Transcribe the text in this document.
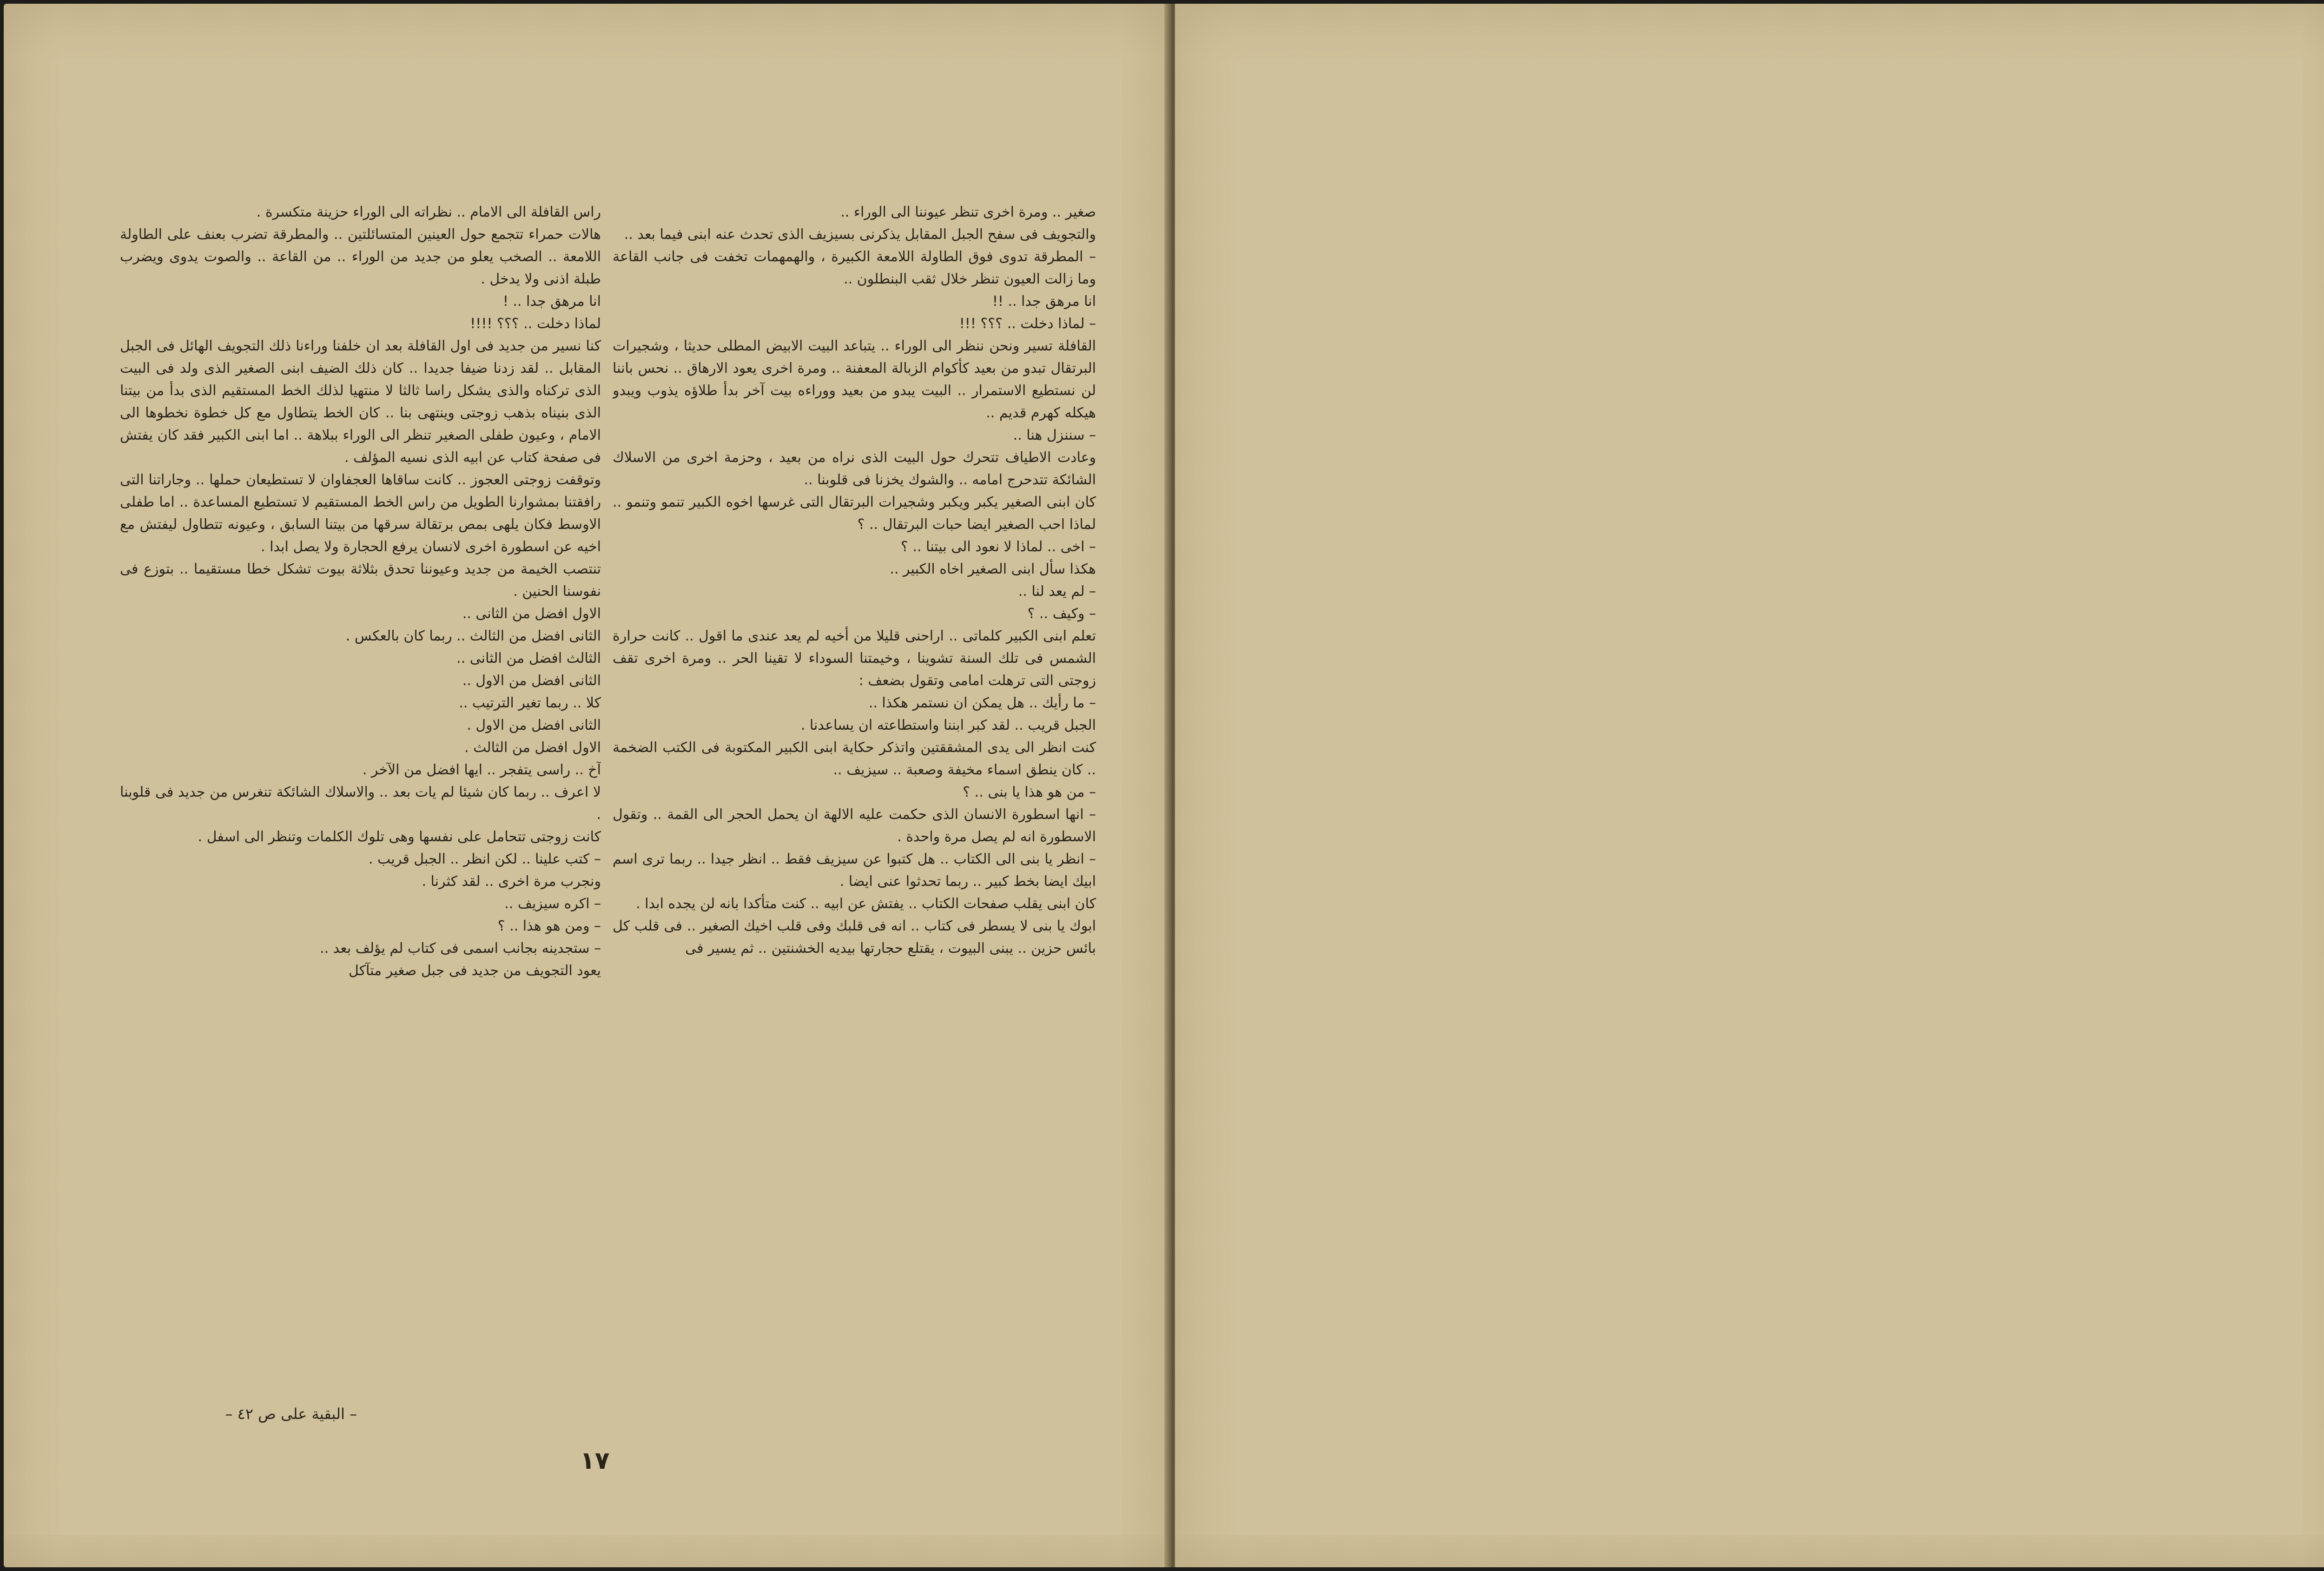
صغير .. ومرة اخرى تنظر عيوننا الى الوراء ..
والتجويف فى سفح الجبل المقابل يذكرنى بسيزيف الذى تحدث عنه ابنى فيما بعد ..
– المطرقة تدوى فوق الطاولة اللامعة الكبيرة ، والهمهمات تخفت فى جانب القاعة وما زالت العيون تنظر خلال ثقب البنطلون ..
انا مرهق جدا .. !!
– لماذا دخلت .. ؟؟؟ !!!
القافلة تسير ونحن ننظر الى الوراء .. يتباعد البيت الابيض المطلى حديثا ، وشجيرات البرتقال تبدو من بعيد كأكوام الزبالة المعفنة .. ومرة اخرى يعود الارهاق .. نحس باننا لن نستطيع الاستمرار .. البيت يبدو من بعيد ووراءه بيت آخر بدأ طلاؤه يذوب ويبدو هيكله كهرم قديم ..
– سننزل هنا ..
وعادت الاطياف تتحرك حول البيت الذى نراه من بعيد ، وحزمة اخرى من الاسلاك الشائكة تتدحرج امامه .. والشوك يخزنا فى قلوبنا ..
كان ابنى الصغير يكبر ويكبر وشجيرات البرتقال التى غرسها اخوه الكبير تنمو وتنمو .. لماذا احب الصغير ايضا حبات البرتقال .. ؟
– اخى .. لماذا لا نعود الى بيتنا .. ؟
هكذا سأل ابنى الصغير اخاه الكبير ..
– لم يعد لنا ..
– وكيف .. ؟
تعلم ابنى الكبير كلماتى .. اراحنى قليلا من أخيه لم يعد عندى ما اقول .. كانت حرارة الشمس فى تلك السنة تشوينا ، وخيمتنا السوداء لا تقينا الحر .. ومرة اخرى تقف زوجتى التى ترهلت امامى وتقول بضعف :
– ما رأيك .. هل يمكن ان نستمر هكذا ..
الجبل قريب .. لقد كبر ابننا واستطاعته ان يساعدنا .
كنت انظر الى يدى المشققتين واتذكر حكاية ابنى الكبير المكتوبة فى الكتب الضخمة .. كان ينطق اسماء مخيفة وصعبة .. سيزيف ..
– من هو هذا يا بنى .. ؟
– انها اسطورة الانسان الذى حكمت عليه الالهة ان يحمل الحجر الى القمة .. وتقول الاسطورة انه لم يصل مرة واحدة .
– انظر يا بنى الى الكتاب .. هل كتبوا عن سيزيف فقط .. انظر جيدا .. ربما ترى اسم ابيك ايضا بخط كبير .. ربما تحدثوا عنى ايضا .
كان ابنى يقلب صفحات الكتاب .. يفتش عن ابيه .. كنت متأكدا بانه لن يجده ابدا .
ابوك يا بنى لا يسطر فى كتاب .. انه فى قلبك وفى قلب اخيك الصغير .. فى قلب كل بائس حزين .. يبنى البيوت ، يقتلع حجارتها بيديه الخشنتين .. ثم يسير فى

راس القافلة الى الامام .. نظراته الى الوراء حزينة متكسرة .
هالات حمراء تتجمع حول العينين المتسائلتين .. والمطرقة تضرب بعنف على الطاولة اللامعة .. الصخب يعلو من جديد من الوراء .. من القاعة .. والصوت يدوى ويضرب طبلة اذنى ولا يدخل .
انا مرهق جدا .. !
لماذا دخلت .. ؟؟؟ !!!!
كنا نسير من جديد فى اول القافلة بعد ان خلفنا وراءنا ذلك التجويف الهائل فى الجبل المقابل .. لقد زدنا ضيفا جديدا .. كان ذلك الضيف ابنى الصغير الذى ولد فى البيت الذى تركناه والذى يشكل راسا ثالثا لا منتهيا لذلك الخط المستقيم الذى بدأ من بيتنا الذى بنيناه بذهب زوجتى وينتهى بنا .. كان الخط يتطاول مع كل خطوة نخطوها الى الامام ، وعيون طفلى الصغير تنظر الى الوراء ببلاهة .. اما ابنى الكبير فقد كان يفتش فى صفحة كتاب عن ابيه الذى نسيه المؤلف .
وتوقفت زوجتى العجوز .. كانت ساقاها العجفاوان لا تستطيعان حملها .. وجاراتنا التى رافقتنا بمشوارنا الطويل من راس الخط المستقيم لا تستطيع المساعدة .. اما طفلى الاوسط فكان يلهى بمص برتقالة سرقها من بيتنا السابق ، وعيونه تتطاول ليفتش مع اخيه عن اسطورة اخرى لانسان يرفع الحجارة ولا يصل ابدا .
تنتصب الخيمة من جديد وعيوننا تحدق بثلاثة بيوت تشكل خطا مستقيما .. بتوزع فى نفوسنا الحنين .
الاول افضل من الثانى ..
الثانى افضل من الثالث .. ربما كان بالعكس .
الثالث افضل من الثانى ..
الثانى افضل من الاول ..
كلا .. ربما تغير الترتيب ..
الثانى افضل من الاول .
الاول افضل من الثالث .
آخ .. راسى يتفجر .. ايها افضل من الآخر .
لا اعرف .. ربما كان شيئا لم يات بعد .. والاسلاك الشائكة تنغرس من جديد فى قلوبنا .
كانت زوجتى تتحامل على نفسها وهى تلوك الكلمات وتنظر الى اسفل .
– كتب علينا .. لكن انظر .. الجبل قريب .
ونجرب مرة اخرى .. لقد كثرنا .
– اكره سيزيف ..
– ومن هو هذا .. ؟
– ستجدينه بجانب اسمى فى كتاب لم يؤلف بعد ..
يعود التجويف من جديد فى جبل صغير متآكل

– البقية على ص ٤٢ –
١٧
